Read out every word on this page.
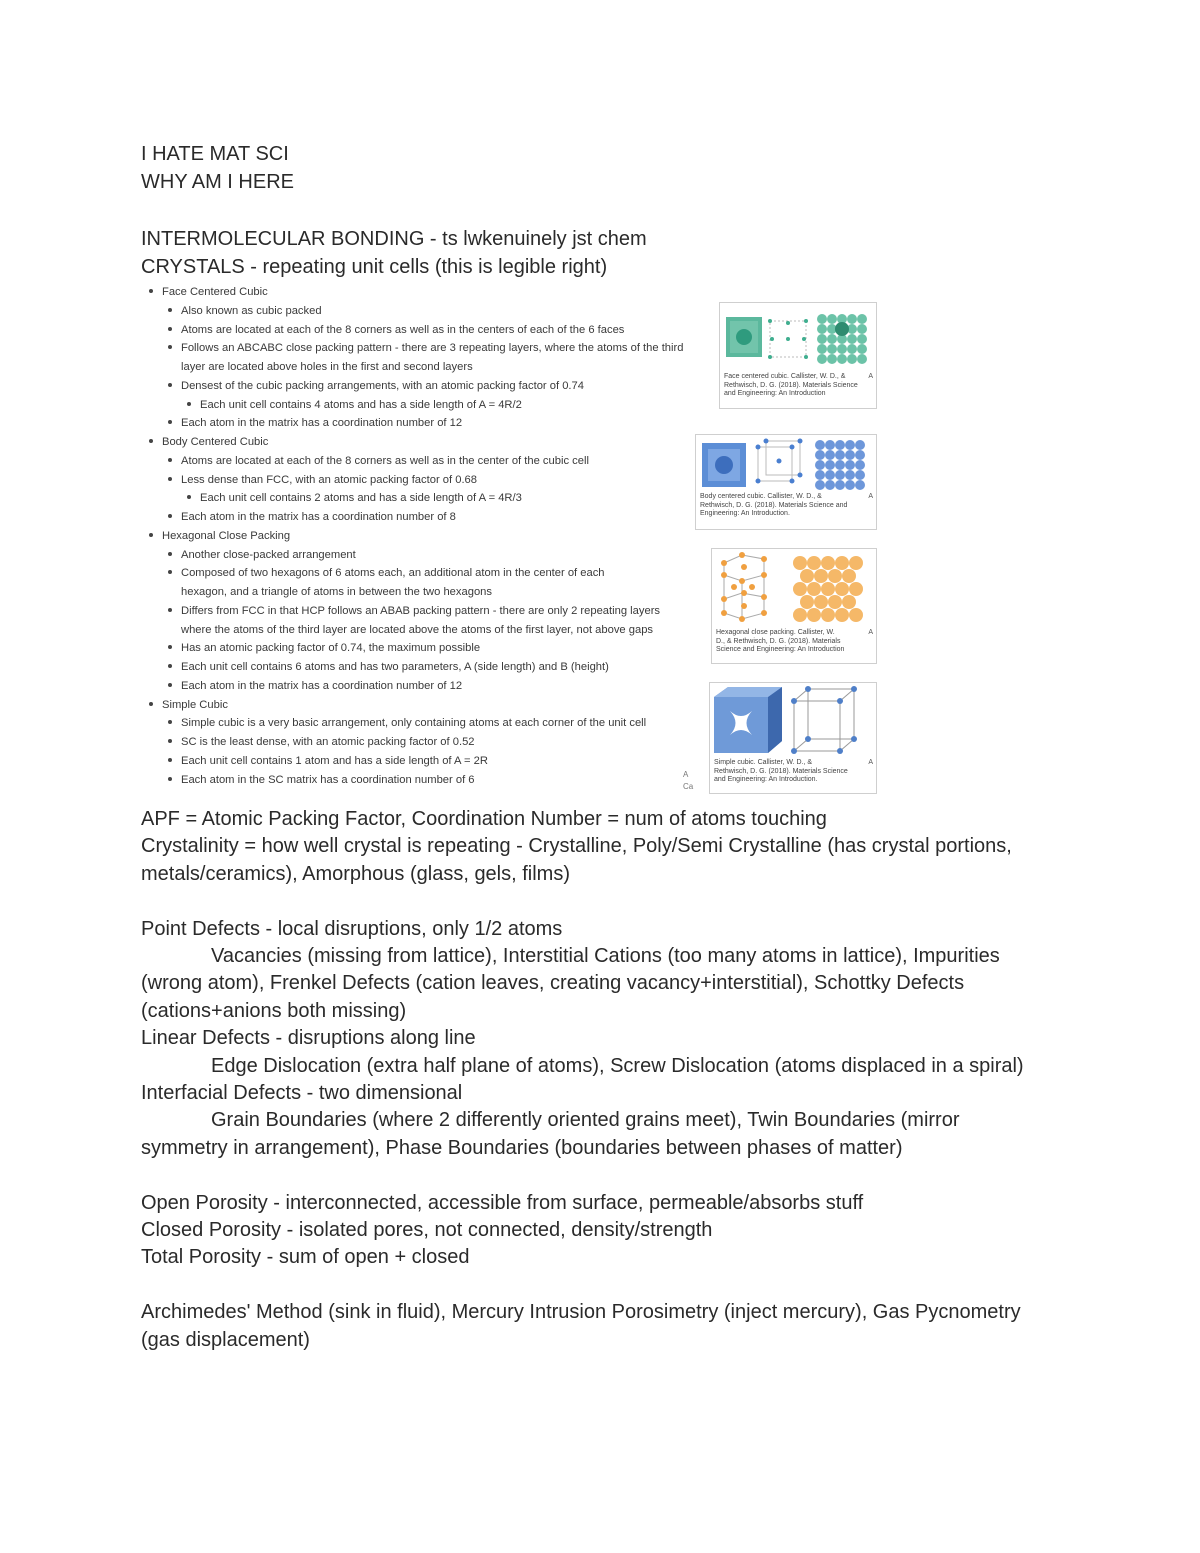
I HATE MAT SCI
WHY AM I HERE
INTERMOLECULAR BONDING - ts lwkenuinely jst chem
CRYSTALS - repeating unit cells (this is legible right)
Face Centered Cubic
Also known as cubic packed
Atoms are located at each of the 8 corners as well as in the centers of each of the 6 faces
Follows an ABCABC close packing pattern - there are 3 repeating layers, where the atoms of the third
layer are located above holes in the first and second layers
Densest of the cubic packing arrangements, with an atomic packing factor of 0.74
Each unit cell contains 4 atoms and has a side length of A = 4R/2
Each atom in the matrix has a coordination number of 12
Body Centered Cubic
Atoms are located at each of the 8 corners as well as in the center of the cubic cell
Less dense than FCC, with an atomic packing factor of 0.68
Each unit cell contains 2 atoms and has a side length of A = 4R/3
Each atom in the matrix has a coordination number of 8
Hexagonal Close Packing
Another close-packed arrangement
Composed of two hexagons of 6 atoms each, an additional atom in the center of each
hexagon, and a triangle of atoms in between the two hexagons
Differs from FCC in that HCP follows an ABAB packing pattern - there are only 2 repeating layers
where the atoms of the third layer are located above the atoms of the first layer, not above gaps
Has an atomic packing factor of 0.74, the maximum possible
Each unit cell contains 6 atoms and has two parameters, A (side length) and B (height)
Each atom in the matrix has a coordination number of 12
Simple Cubic
Simple cubic is a very basic arrangement, only containing atoms at each corner of the unit cell
SC is the least dense, with an atomic packing factor of 0.52
Each unit cell contains 1 atom and has a side length of A = 2R
Each atom in the SC matrix has a coordination number of 6
Face centered cubic. Callister, W. D., &
Rethwisch, D. G. (2018). Materials Science
and Engineering: An Introduction
A
Body centered cubic. Callister, W. D., &
Rethwisch, D. G. (2018). Materials Science and
Engineering: An Introduction.
A
Hexagonal close packing. Callister, W.
D., & Rethwisch, D. G. (2018). Materials
Science and Engineering: An Introduction
A
Simple cubic. Callister, W. D., &
Rethwisch, D. G. (2018). Materials Science
and Engineering: An Introduction.
A
A
Ca
APF = Atomic Packing Factor, Coordination Number = num of atoms touching
Crystalinity = how well crystal is repeating - Crystalline, Poly/Semi Crystalline (has crystal portions,
metals/ceramics), Amorphous (glass, gels, films)
Point Defects - local disruptions, only 1/2 atoms
Vacancies (missing from lattice), Interstitial Cations (too many atoms in lattice), Impurities
(wrong atom), Frenkel Defects (cation leaves, creating vacancy+interstitial), Schottky Defects
(cations+anions both missing)
Linear Defects - disruptions along line
Edge Dislocation (extra half plane of atoms), Screw Dislocation (atoms displaced in a spiral)
Interfacial Defects - two dimensional
Grain Boundaries (where 2 differently oriented grains meet), Twin Boundaries (mirror
symmetry in arrangement), Phase Boundaries (boundaries between phases of matter)
Open Porosity - interconnected, accessible from surface, permeable/absorbs stuff
Closed Porosity - isolated pores, not connected, density/strength
Total Porosity - sum of open + closed
Archimedes' Method (sink in fluid), Mercury Intrusion Porosimetry (inject mercury), Gas Pycnometry
(gas displacement)
